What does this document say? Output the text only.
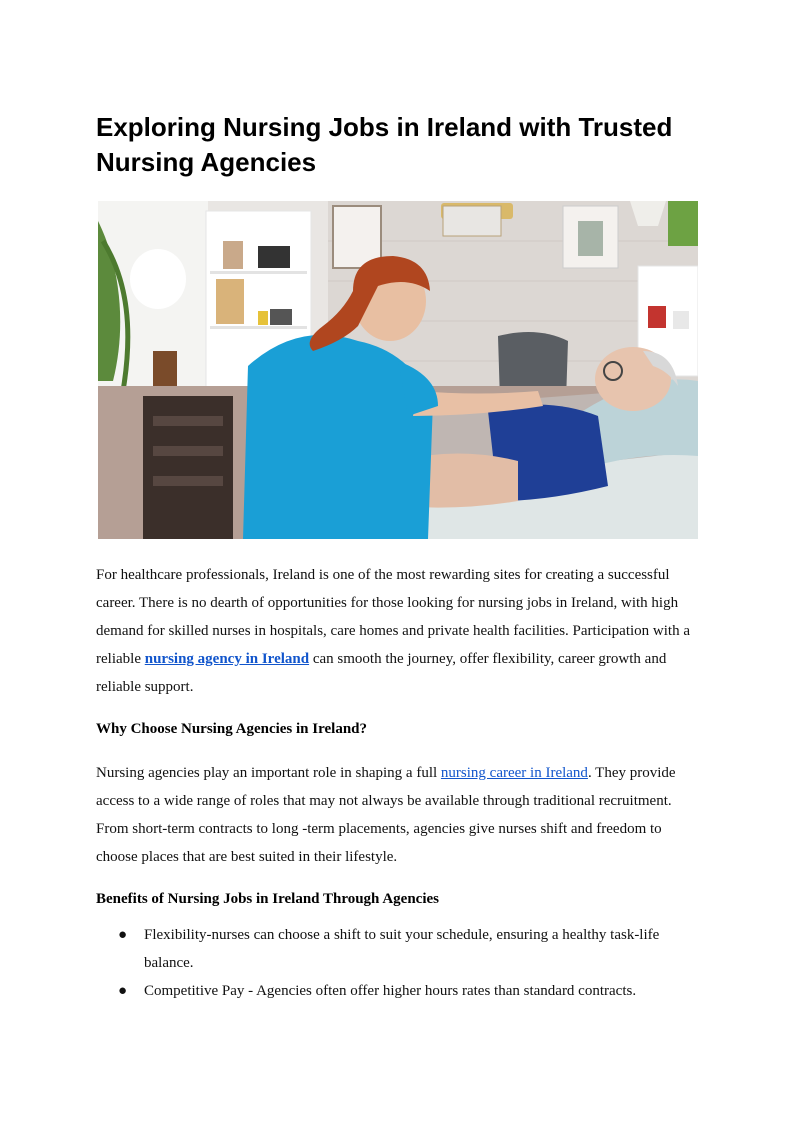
Exploring Nursing Jobs in Ireland with Trusted Nursing Agencies

For healthcare professionals, Ireland is one of the most rewarding sites for creating a successful career. There is no dearth of opportunities for those looking for nursing jobs in Ireland, with high demand for skilled nurses in hospitals, care homes and private health facilities. Participation with a reliable nursing agency in Ireland can smooth the journey, offer flexibility, career growth and reliable support.

Why Choose Nursing Agencies in Ireland?

Nursing agencies play an important role in shaping a full nursing career in Ireland. They provide access to a wide range of roles that may not always be available through traditional recruitment. From short-term contracts to long -term placements, agencies give nurses shift and freedom to choose places that are best suited in their lifestyle.

Benefits of Nursing Jobs in Ireland Through Agencies

● Flexibility-nurses can choose a shift to suit your schedule, ensuring a healthy task-life balance.
● Competitive Pay - Agencies often offer higher hours rates than standard contracts.
